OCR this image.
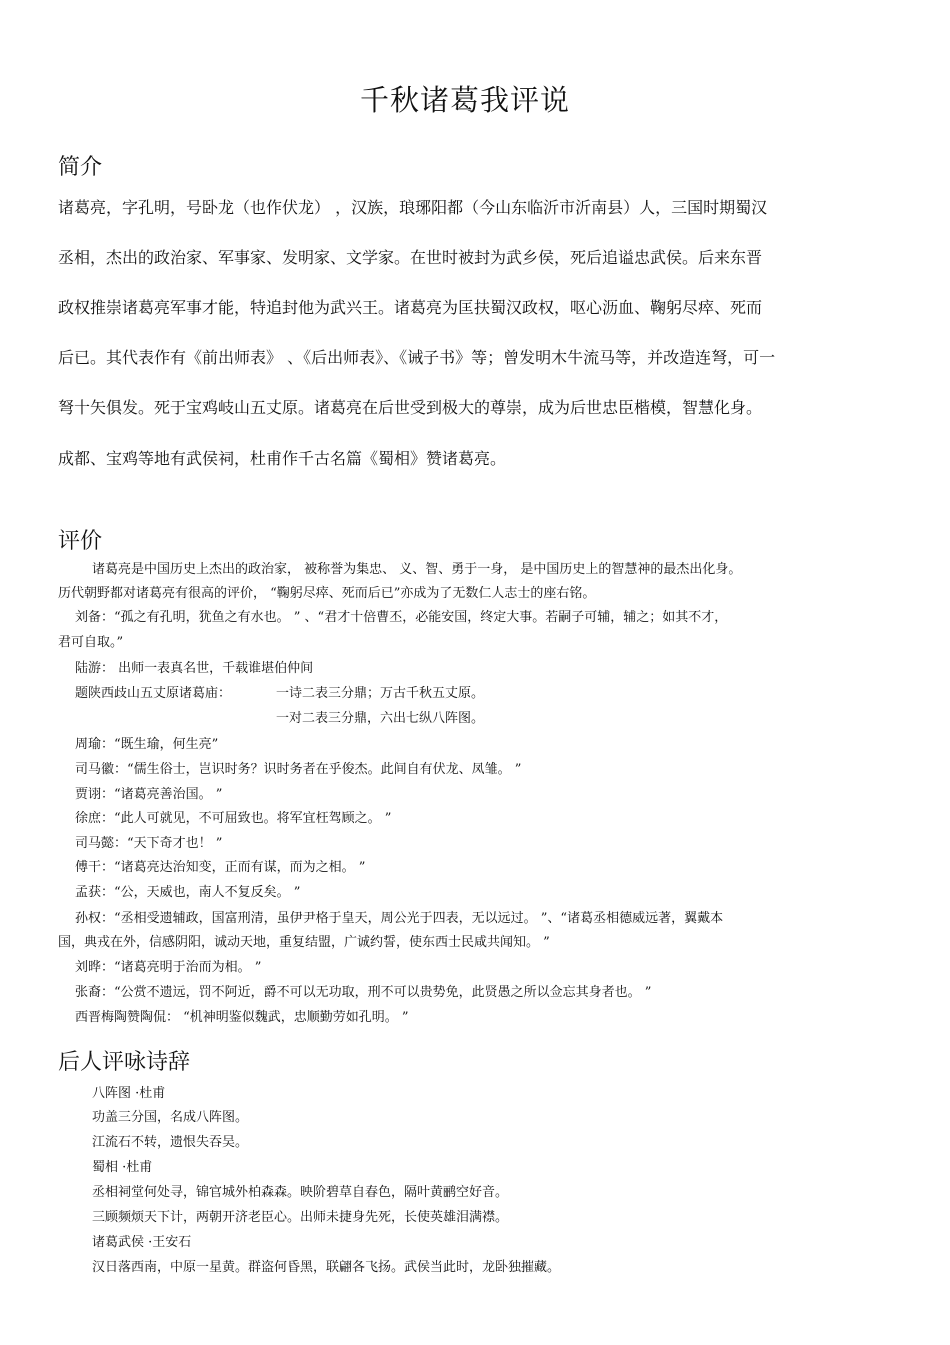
千秋诸葛我评说
简介
诸葛亮，字孔明，号卧龙（也作伏龙） ，汉族，琅琊阳都（今山东临沂市沂南县）人，三国时期蜀汉
丞相，杰出的政治家、军事家、发明家、文学家。在世时被封为武乡侯，死后追谥忠武侯。后来东晋
政权推崇诸葛亮军事才能，特追封他为武兴王。诸葛亮为匡扶蜀汉政权，呕心沥血、鞠躬尽瘁、死而
后已。其代表作有《前出师表》 、《后出师表》、《诫子书》等；曾发明木牛流马等，并改造连弩，可一
弩十矢俱发。死于宝鸡岐山五丈原。诸葛亮在后世受到极大的尊崇，成为后世忠臣楷模，智慧化身。
成都、宝鸡等地有武侯祠，杜甫作千古名篇《蜀相》赞诸葛亮。
评价
诸葛亮是中国历史上杰出的政治家， 被称誉为集忠、 义、智、勇于一身， 是中国历史上的智慧神的最杰出化身。
历代朝野都对诸葛亮有很高的评价， “鞠躬尽瘁、死而后已”亦成为了无数仁人志士的座右铭。
刘备：“孤之有孔明，犹鱼之有水也。 ” 、“君才十倍曹丕，必能安国，终定大事。若嗣子可辅，辅之；如其不才，
君可自取。”
陆游： 出师一表真名世，千载谁堪伯仲间
题陕西歧山五丈原诸葛庙：	一诗二表三分鼎；万古千秋五丈原。
一对二表三分鼎，六出七纵八阵图。
周瑜：“既生瑜，何生亮”
司马徽：“儒生俗士，岂识时务？识时务者在乎俊杰。此间自有伏龙、凤雏。 ”
贾诩：“诸葛亮善治国。 ”
徐庶：“此人可就见，不可屈致也。将军宜枉驾顾之。 ”
司马懿：“天下奇才也！ ”
傅干：“诸葛亮达治知变，正而有谋，而为之相。 ”
孟获：“公，天威也，南人不复反矣。 ”
孙权：“丞相受遗辅政，国富刑清，虽伊尹格于皇天，周公光于四表，无以远过。 ”、“诸葛丞相德威远著，翼戴本
国，典戎在外，信感阴阳，诚动天地，重复结盟，广诚约誓，使东西士民咸共闻知。 ”
刘晔：“诸葛亮明于治而为相。 ”
张裔：“公赏不遗远，罚不阿近，爵不可以无功取，刑不可以贵势免，此贤愚之所以佥忘其身者也。 ”
西晋梅陶赞陶侃： “机神明鉴似魏武，忠顺勤劳如孔明。 ”
后人评咏诗辞
八阵图 ·杜甫
功盖三分国，名成八阵图。
江流石不转，遗恨失吞吴。
蜀相 ·杜甫
丞相祠堂何处寻，锦官城外柏森森。映阶碧草自春色，隔叶黄鹂空好音。
三顾频烦天下计，两朝开济老臣心。出师未捷身先死，长使英雄泪满襟。
诸葛武侯 ·王安石
汉日落西南，中原一星黄。群盗何昏黑，联翩各飞扬。武侯当此时，龙卧独摧藏。
